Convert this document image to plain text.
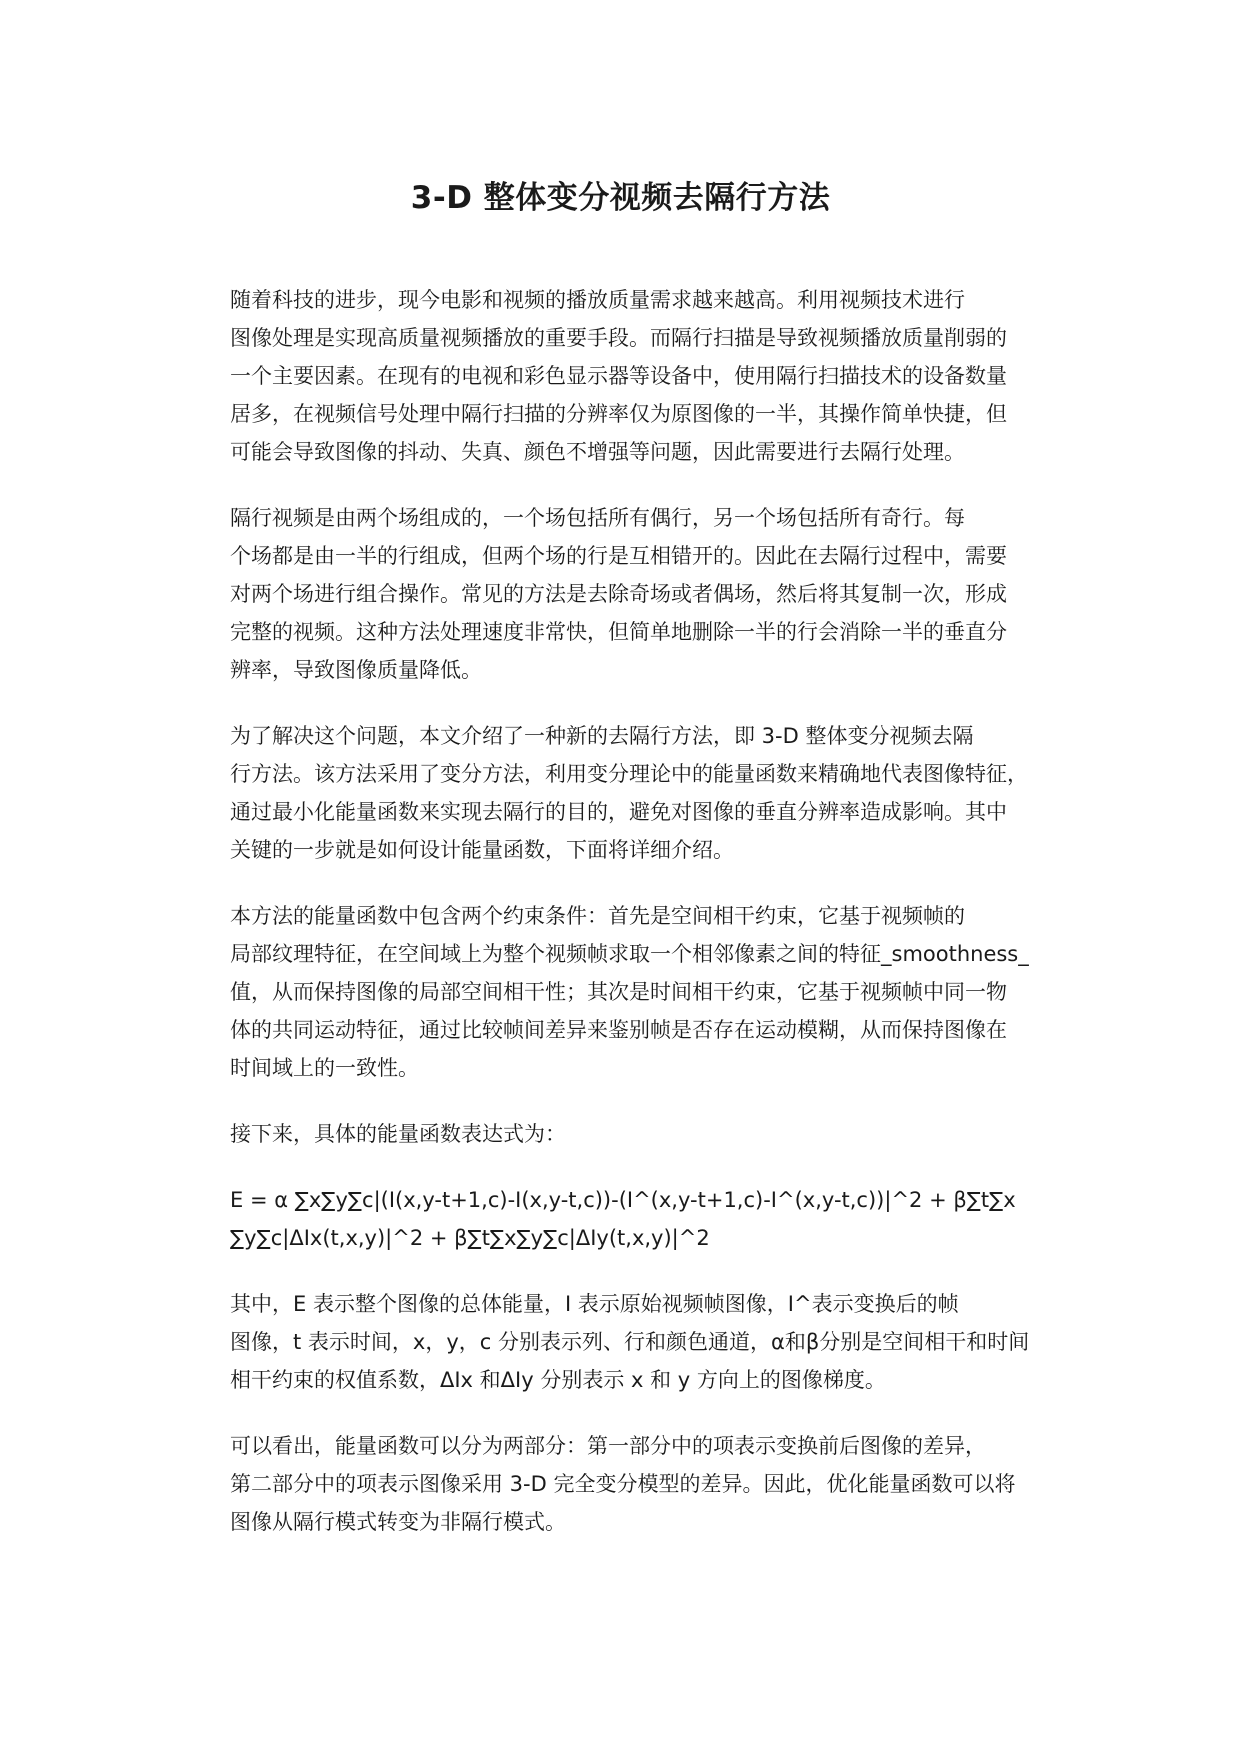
3-D 整体变分视频去隔行方法

随着科技的进步，现今电影和视频的播放质量需求越来越高。利用视频技术进行
图像处理是实现高质量视频播放的重要手段。而隔行扫描是导致视频播放质量削弱的
一个主要因素。在现有的电视和彩色显示器等设备中，使用隔行扫描技术的设备数量
居多，在视频信号处理中隔行扫描的分辨率仅为原图像的一半，其操作简单快捷，但
可能会导致图像的抖动、失真、颜色不增强等问题，因此需要进行去隔行处理。

隔行视频是由两个场组成的，一个场包括所有偶行，另一个场包括所有奇行。每
个场都是由一半的行组成，但两个场的行是互相错开的。因此在去隔行过程中，需要
对两个场进行组合操作。常见的方法是去除奇场或者偶场，然后将其复制一次，形成
完整的视频。这种方法处理速度非常快，但简单地删除一半的行会消除一半的垂直分
辨率，导致图像质量降低。

为了解决这个问题，本文介绍了一种新的去隔行方法，即 3-D 整体变分视频去隔
行方法。该方法采用了变分方法，利用变分理论中的能量函数来精确地代表图像特征，
通过最小化能量函数来实现去隔行的目的，避免对图像的垂直分辨率造成影响。其中
关键的一步就是如何设计能量函数，下面将详细介绍。

本方法的能量函数中包含两个约束条件：首先是空间相干约束，它基于视频帧的
局部纹理特征，在空间域上为整个视频帧求取一个相邻像素之间的特征_smoothness_
值，从而保持图像的局部空间相干性；其次是时间相干约束，它基于视频帧中同一物
体的共同运动特征，通过比较帧间差异来鉴别帧是否存在运动模糊，从而保持图像在
时间域上的一致性。

接下来，具体的能量函数表达式为：

E = α ∑x∑y∑c|(I(x,y-t+1,c)-I(x,y-t,c))-(I^(x,y-t+1,c)-I^(x,y-t,c))|^2 + β∑t∑x
∑y∑c|ΔIx(t,x,y)|^2 + β∑t∑x∑y∑c|ΔIy(t,x,y)|^2

其中，E 表示整个图像的总体能量，I 表示原始视频帧图像，I^表示变换后的帧
图像，t 表示时间，x，y，c 分别表示列、行和颜色通道，α和β分别是空间相干和时间
相干约束的权值系数，ΔIx 和ΔIy 分别表示 x 和 y 方向上的图像梯度。

可以看出，能量函数可以分为两部分：第一部分中的项表示变换前后图像的差异，
第二部分中的项表示图像采用 3-D 完全变分模型的差异。因此，优化能量函数可以将
图像从隔行模式转变为非隔行模式。
